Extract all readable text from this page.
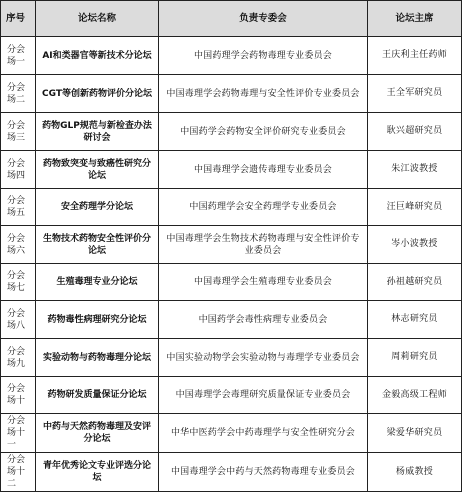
序号	论坛名称	负责专委会	论坛主席
分会场一	AI和类器官等新技术分论坛	中国药理学会药物毒理专业委员会	王庆利主任药师
分会场二	CGT等创新药物评价分论坛	中国毒理学会药物毒理与安全性评价专业委员会	王全军研究员
分会场三	药物GLP规范与新检查办法研讨会	中国药学会药物安全评价研究专业委员会	耿兴超研究员
分会场四	药物致突变与致癌性研究分论坛	中国毒理学会遗传毒理专业委员会	朱江波教授
分会场五	安全药理学分论坛	中国药理学会安全药理学专业委员会	汪巨峰研究员
分会场六	生物技术药物安全性评价分论坛	中国毒理学会生物技术药物毒理与安全性评价专业委员会	岑小波教授
分会场七	生殖毒理专业分论坛	中国毒理学会生殖毒理专业委员会	孙祖越研究员
分会场八	药物毒性病理研究分论坛	中国药学会毒性病理专业委员会	林志研究员
分会场九	实验动物与药物毒理分论坛	中国实验动物学会实验动物与毒理学专业委员会	周莉研究员
分会场十	药物研发质量保证分论坛	中国毒理学会毒理研究质量保证专业委员会	金毅高级工程师
分会场十一	中药与天然药物毒理及安评分论坛	中华中医药学会中药毒理学与安全性研究分会	梁爱华研究员
分会场十二	青年优秀论文专业评选分论坛	中国毒理学会中药与天然药物毒理专业委员会	杨威教授
